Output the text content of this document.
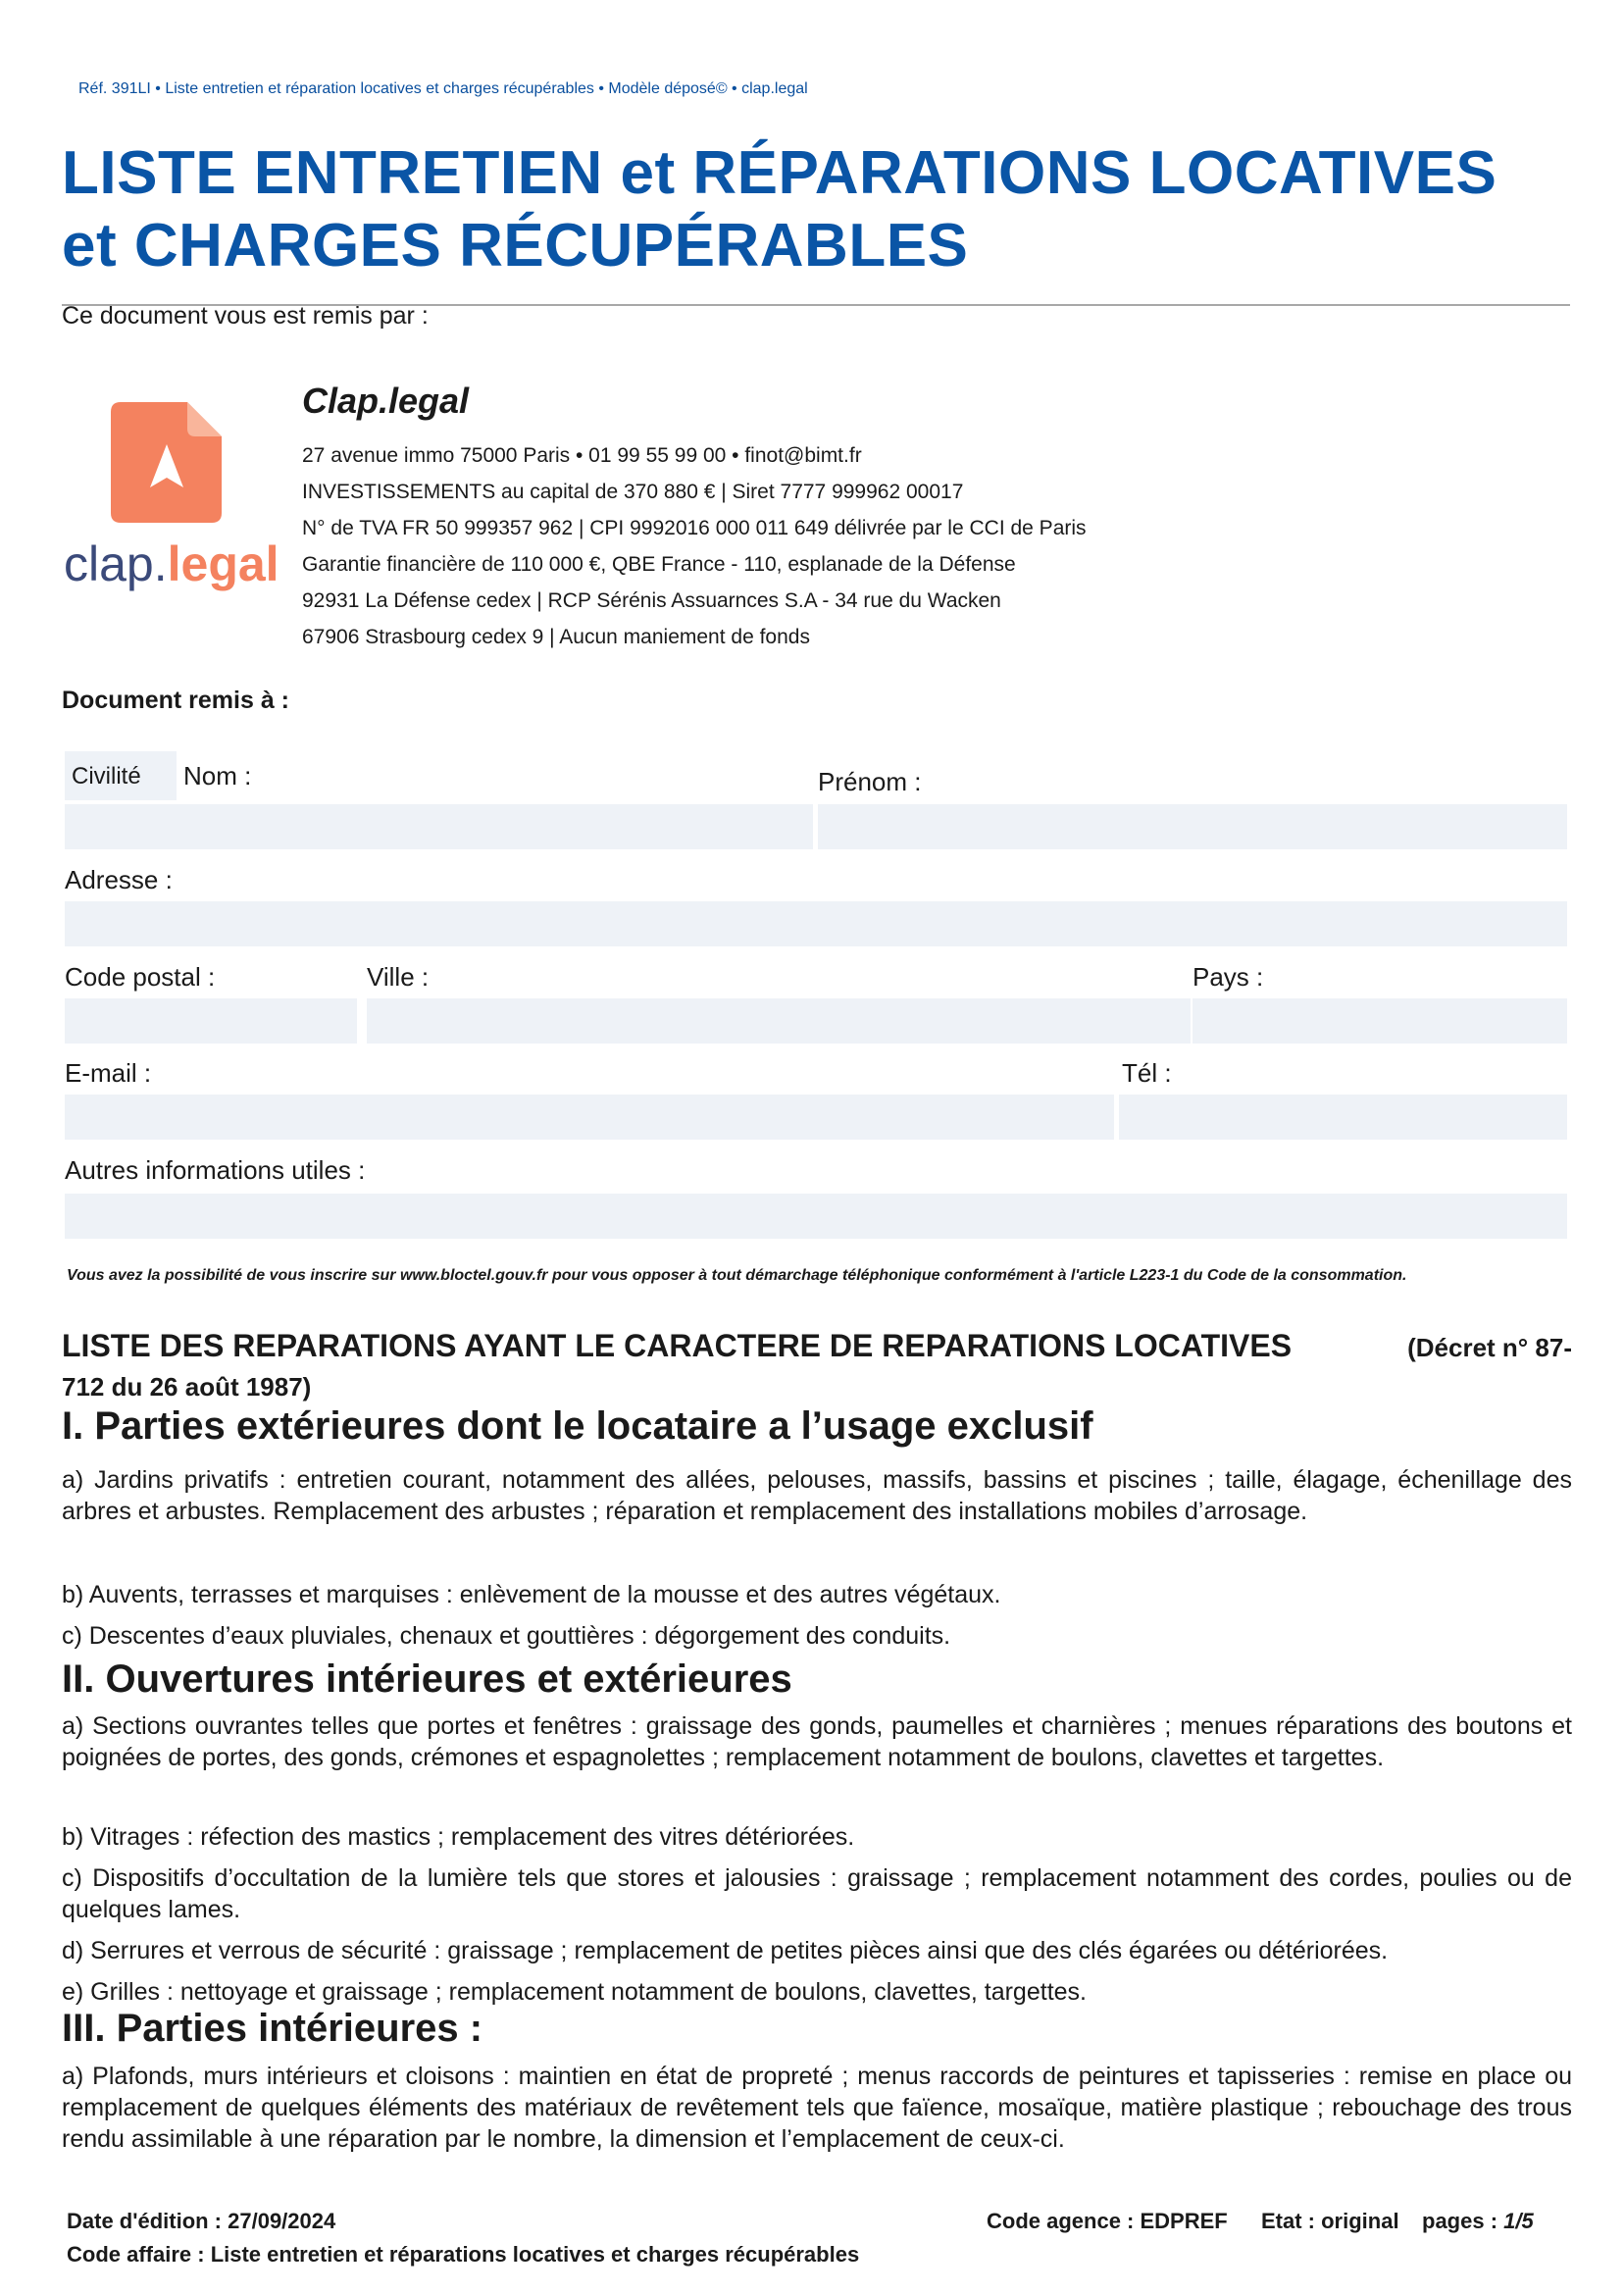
Réf. 391LI • Liste entretien et réparation locatives et charges récupérables • Modèle déposé© • clap.legal
LISTE ENTRETIEN et RÉPARATIONS LOCATIVES
et CHARGES RÉCUPÉRABLES
Ce document vous est remis par :
clap.legal
Clap.legal
27 avenue immo 75000 Paris • 01 99 55 99 00 • finot@bimt.fr
INVESTISSEMENTS au capital de 370 880 € | Siret 7777 999962 00017
N° de TVA FR 50 999357 962 | CPI 9992016 000 011 649 délivrée par le CCI de Paris
Garantie financière de 110 000 €, QBE France - 110, esplanade de la Défense
92931 La Défense cedex | RCP Sérénis Assuarnces S.A - 34 rue du Wacken
67906 Strasbourg cedex 9 | Aucun maniement de fonds
Document remis à :
Civilité Nom :	Prénom :
Adresse :
Code postal :	Ville :	Pays :
E-mail :	Tél :
Autres informations utiles :
Vous avez la possibilité de vous inscrire sur www.bloctel.gouv.fr pour vous opposer à tout démarchage téléphonique conformément à l'article L223-1 du Code de la consommation.
LISTE DES REPARATIONS AYANT LE CARACTERE DE REPARATIONS LOCATIVES	(Décret n° 87-
712 du 26 août 1987)
I. Parties extérieures dont le locataire a l’usage exclusif
a) Jardins privatifs : entretien courant, notamment des allées, pelouses, massifs, bassins et piscines ; taille, élagage, échenillage des arbres et arbustes. Remplacement des arbustes ; réparation et remplacement des installations mobiles d’arrosage.
b) Auvents, terrasses et marquises : enlèvement de la mousse et des autres végétaux.
c) Descentes d’eaux pluviales, chenaux et gouttières : dégorgement des conduits.
II. Ouvertures intérieures et extérieures
a) Sections ouvrantes telles que portes et fenêtres : graissage des gonds, paumelles et charnières ; menues réparations des boutons et poignées de portes, des gonds, crémones et espagnolettes ; remplacement notamment de boulons, clavettes et targettes.
b) Vitrages : réfection des mastics ; remplacement des vitres détériorées.
c) Dispositifs d’occultation de la lumière tels que stores et jalousies : graissage ; remplacement notamment des cordes, poulies ou de quelques lames.
d) Serrures et verrous de sécurité : graissage ; remplacement de petites pièces ainsi que des clés égarées ou détériorées.
e) Grilles : nettoyage et graissage ; remplacement notamment de boulons, clavettes, targettes.
III. Parties intérieures :
a) Plafonds, murs intérieurs et cloisons : maintien en état de propreté ; menus raccords de peintures et tapisseries : remise en place ou remplacement de quelques éléments des matériaux de revêtement tels que faïence, mosaïque, matière plastique ; rebouchage des trous rendu assimilable à une réparation par le nombre, la dimension et l’emplacement de ceux-ci.
Date d'édition : 27/09/2024
Code affaire : Liste entretien et réparations locatives et charges récupérables
Code agence : EDPREF Etat : original pages : 1/5
